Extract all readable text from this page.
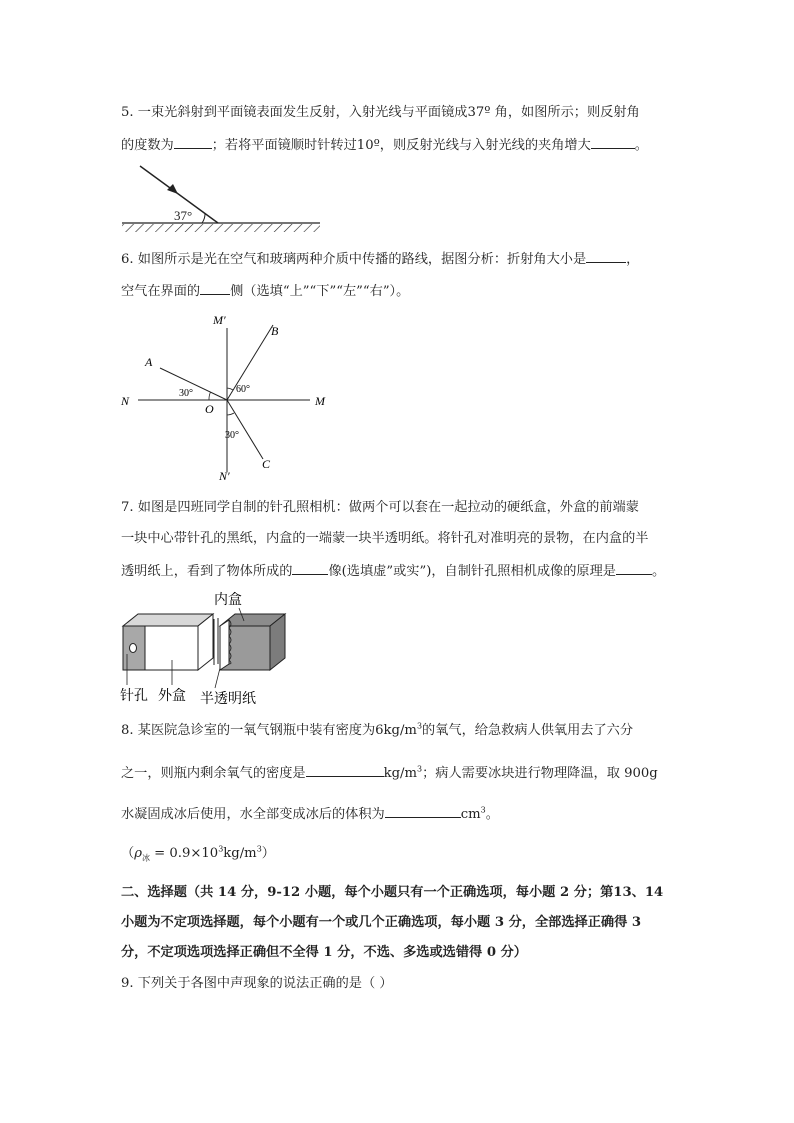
5. 一束光斜射到平面镜表面发生反射，入射光线与平面镜成37º 角，如图所示；则反射角
的度数为	；若将平面镜顺时针转过10º，则反射光线与入射光线的夹角增大	。
37°
6. 如图所示是光在空气和玻璃两种介质中传播的路线，据图分析：折射角大小是	，
空气在界面的 侧（选填“上”“下”“左”“右”）。
M′
N′
N	M
O
A
B
C
30°	60°
30°
7. 如图是四班同学自制的针孔照相机：做两个可以套在一起拉动的硬纸盒，外盒的前端蒙
一块中心带针孔的黑纸，内盒的一端蒙一块半透明纸。将针孔对准明亮的景物，在内盒的半
透明纸上，看到了物体所成的	像(选填虚”或实”)，自制针孔照相机成像的原理是	。
内盒
针孔 外盒 半透明纸
8. 某医院急诊室的一氧气钢瓶中装有密度为$6kg/m^3$的氧气，给急救病人供氧用去了六分
之一，则瓶内剩余氧气的密度是	$kg/m^3$；病人需要冰块进行物理降温，取 900g
水凝固成冰后使用，水全部变成冰后的体积为	$cm^3$。
$(\rho_冰 = 0.9\times 10^3kg/m^3)$
二、选择题（共 14 分，9-12 小题，每个小题只有一个正确选项，每小题 2 分；第13、14
小题为不定项选择题，每个小题有一个或几个正确选项，每小题 3 分，全部选择正确得 3
分，不定项选项选择正确但不全得 1 分，不选、多选或选错得 0 分）
9. 下列关于各图中声现象的说法正确的是（ ）
